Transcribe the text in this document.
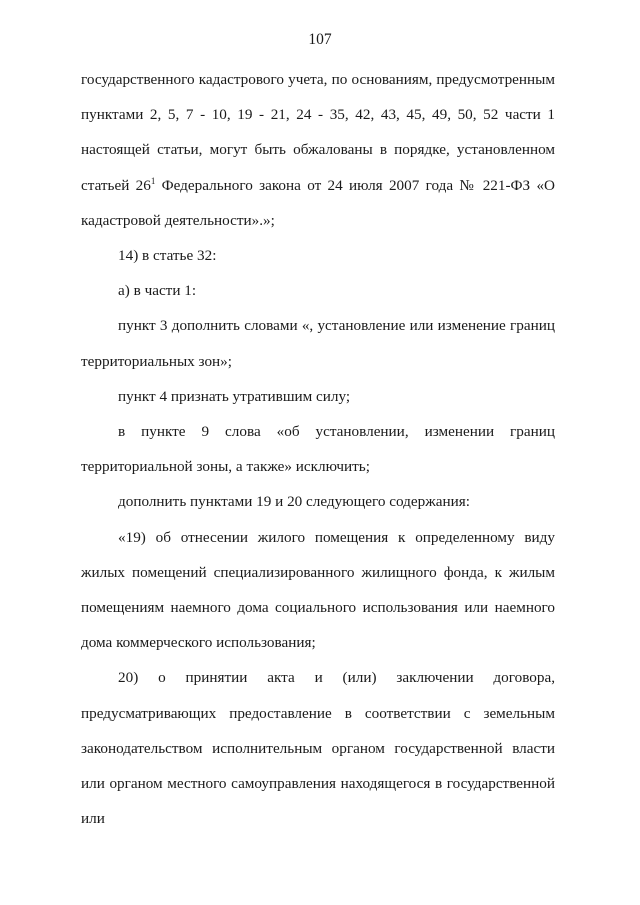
107

государственного кадастрового учета, по основаниям, предусмотренным пунктами 2, 5, 7 - 10, 19 - 21, 24 - 35, 42, 43, 45, 49, 50, 52 части 1 настоящей статьи, могут быть обжалованы в порядке, установленном статьей $26^1$ Федерального закона от 24 июля 2007 года № 221-ФЗ «О кадастровой деятельности».»;

14) в статье 32:

а) в части 1:

пункт 3 дополнить словами «, установление или изменение границ территориальных зон»;

пункт 4 признать утратившим силу;

в пункте 9 слова «об установлении, изменении границ территориальной зоны, а также» исключить;

дополнить пунктами 19 и 20 следующего содержания:

«19) об отнесении жилого помещения к определенному виду жилых помещений специализированного жилищного фонда, к жилым помещениям наемного дома социального использования или наемного дома коммерческого использования;

20) о принятии акта и (или) заключении договора, предусматривающих предоставление в соответствии с земельным законодательством исполнительным органом государственной власти или органом местного самоуправления находящегося в государственной или
